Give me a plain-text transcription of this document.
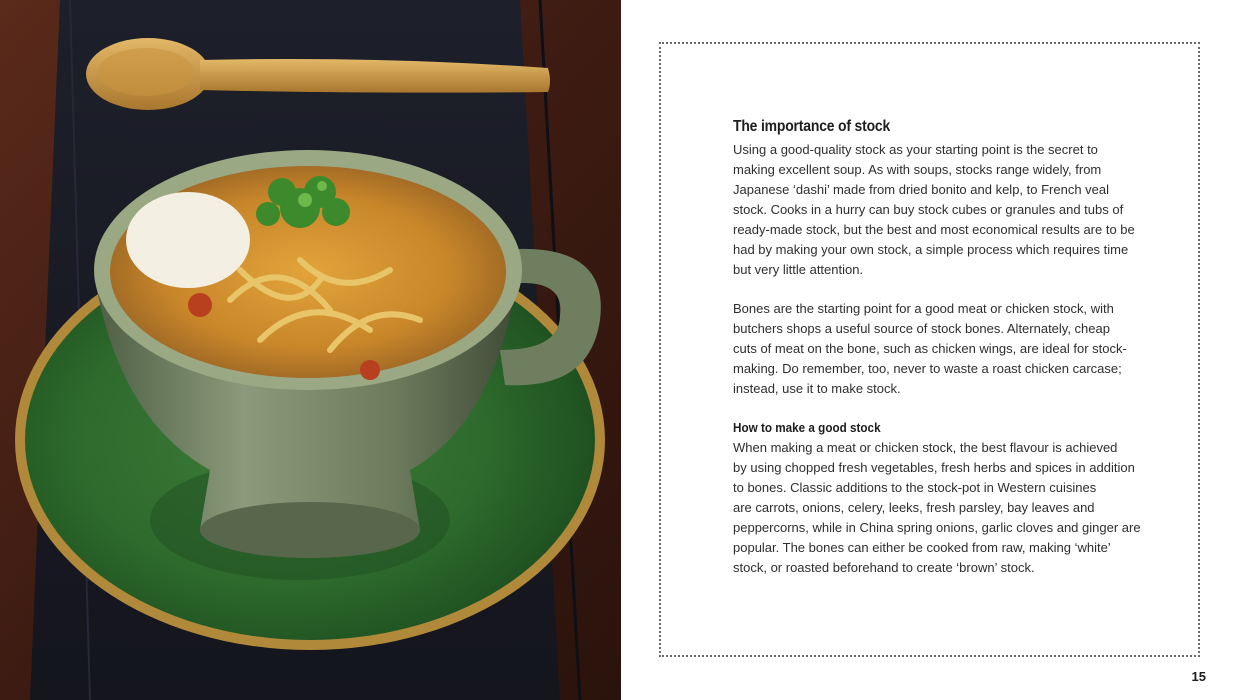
The importance of stock

Using a good-quality stock as your starting point is the secret to
making excellent soup. As with soups, stocks range widely, from
Japanese ‘dashi’ made from dried bonito and kelp, to French veal
stock. Cooks in a hurry can buy stock cubes or granules and tubs of
ready-made stock, but the best and most economical results are to be
had by making your own stock, a simple process which requires time
but very little attention.

Bones are the starting point for a good meat or chicken stock, with
butchers shops a useful source of stock bones. Alternately, cheap
cuts of meat on the bone, such as chicken wings, are ideal for stock-
making. Do remember, too, never to waste a roast chicken carcase;
instead, use it to make stock.

How to make a good stock

When making a meat or chicken stock, the best flavour is achieved
by using chopped fresh vegetables, fresh herbs and spices in addition
to bones. Classic additions to the stock-pot in Western cuisines
are carrots, onions, celery, leeks, fresh parsley, bay leaves and
peppercorns, while in China spring onions, garlic cloves and ginger are
popular. The bones can either be cooked from raw, making ‘white’
stock, or roasted beforehand to create ‘brown’ stock.

15
